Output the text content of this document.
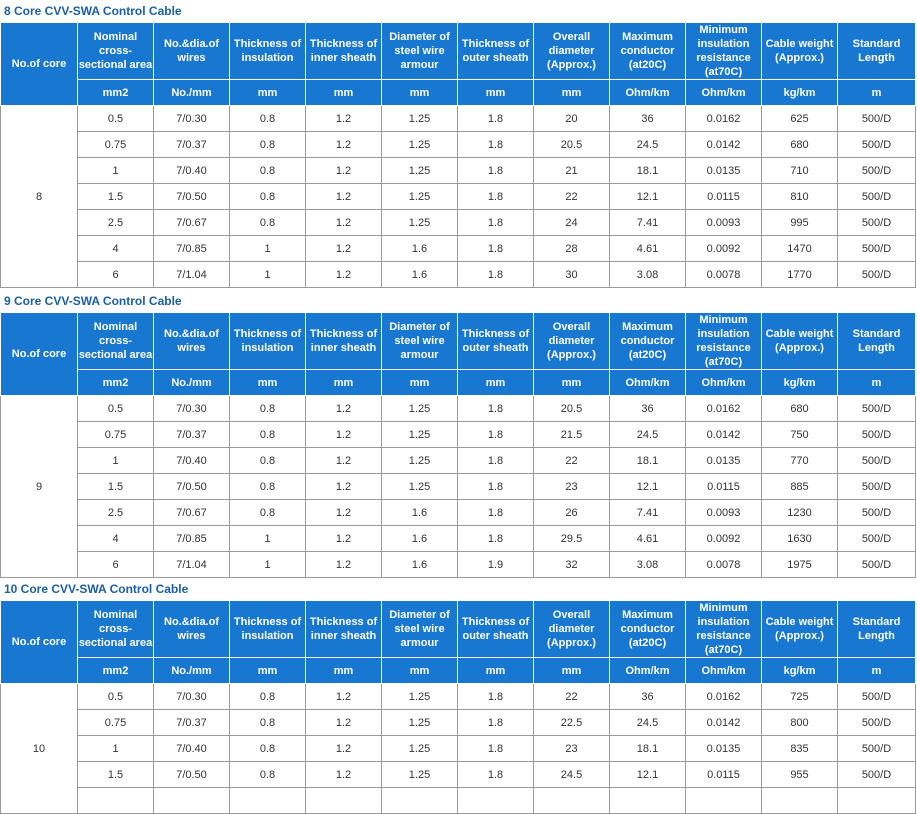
8 Core CVV-SWA Control Cable
No.of core	Nominal cross-sectional area	No.&dia.of wires	Thickness of insulation	Thickness of inner sheath	Diameter of steel wire armour	Thickness of outer sheath	Overall diameter (Approx.)	Maximum conductor (at20C)	Minimum insulation resistance (at70C)	Cable weight (Approx.)	Standard Length
	mm2	No./mm	mm	mm	mm	mm	mm	Ohm/km	Ohm/km	kg/km	m
8	0.5	7/0.30	0.8	1.2	1.25	1.8	20	36	0.0162	625	500/D
	0.75	7/0.37	0.8	1.2	1.25	1.8	20.5	24.5	0.0142	680	500/D
	1	7/0.40	0.8	1.2	1.25	1.8	21	18.1	0.0135	710	500/D
	1.5	7/0.50	0.8	1.2	1.25	1.8	22	12.1	0.0115	810	500/D
	2.5	7/0.67	0.8	1.2	1.25	1.8	24	7.41	0.0093	995	500/D
	4	7/0.85	1	1.2	1.6	1.8	28	4.61	0.0092	1470	500/D
	6	7/1.04	1	1.2	1.6	1.8	30	3.08	0.0078	1770	500/D
9 Core CVV-SWA Control Cable
No.of core	Nominal cross-sectional area	No.&dia.of wires	Thickness of insulation	Thickness of inner sheath	Diameter of steel wire armour	Thickness of outer sheath	Overall diameter (Approx.)	Maximum conductor (at20C)	Minimum insulation resistance (at70C)	Cable weight (Approx.)	Standard Length
	mm2	No./mm	mm	mm	mm	mm	mm	Ohm/km	Ohm/km	kg/km	m
9	0.5	7/0.30	0.8	1.2	1.25	1.8	20.5	36	0.0162	680	500/D
	0.75	7/0.37	0.8	1.2	1.25	1.8	21.5	24.5	0.0142	750	500/D
	1	7/0.40	0.8	1.2	1.25	1.8	22	18.1	0.0135	770	500/D
	1.5	7/0.50	0.8	1.2	1.25	1.8	23	12.1	0.0115	885	500/D
	2.5	7/0.67	0.8	1.2	1.6	1.8	26	7.41	0.0093	1230	500/D
	4	7/0.85	1	1.2	1.6	1.8	29.5	4.61	0.0092	1630	500/D
	6	7/1.04	1	1.2	1.6	1.9	32	3.08	0.0078	1975	500/D
10 Core CVV-SWA Control Cable
No.of core	Nominal cross-sectional area	No.&dia.of wires	Thickness of insulation	Thickness of inner sheath	Diameter of steel wire armour	Thickness of outer sheath	Overall diameter (Approx.)	Maximum conductor (at20C)	Minimum insulation resistance (at70C)	Cable weight (Approx.)	Standard Length
	mm2	No./mm	mm	mm	mm	mm	mm	Ohm/km	Ohm/km	kg/km	m
10	0.5	7/0.30	0.8	1.2	1.25	1.8	22	36	0.0162	725	500/D
	0.75	7/0.37	0.8	1.2	1.25	1.8	22.5	24.5	0.0142	800	500/D
	1	7/0.40	0.8	1.2	1.25	1.8	23	18.1	0.0135	835	500/D
	1.5	7/0.50	0.8	1.2	1.25	1.8	24.5	12.1	0.0115	955	500/D
